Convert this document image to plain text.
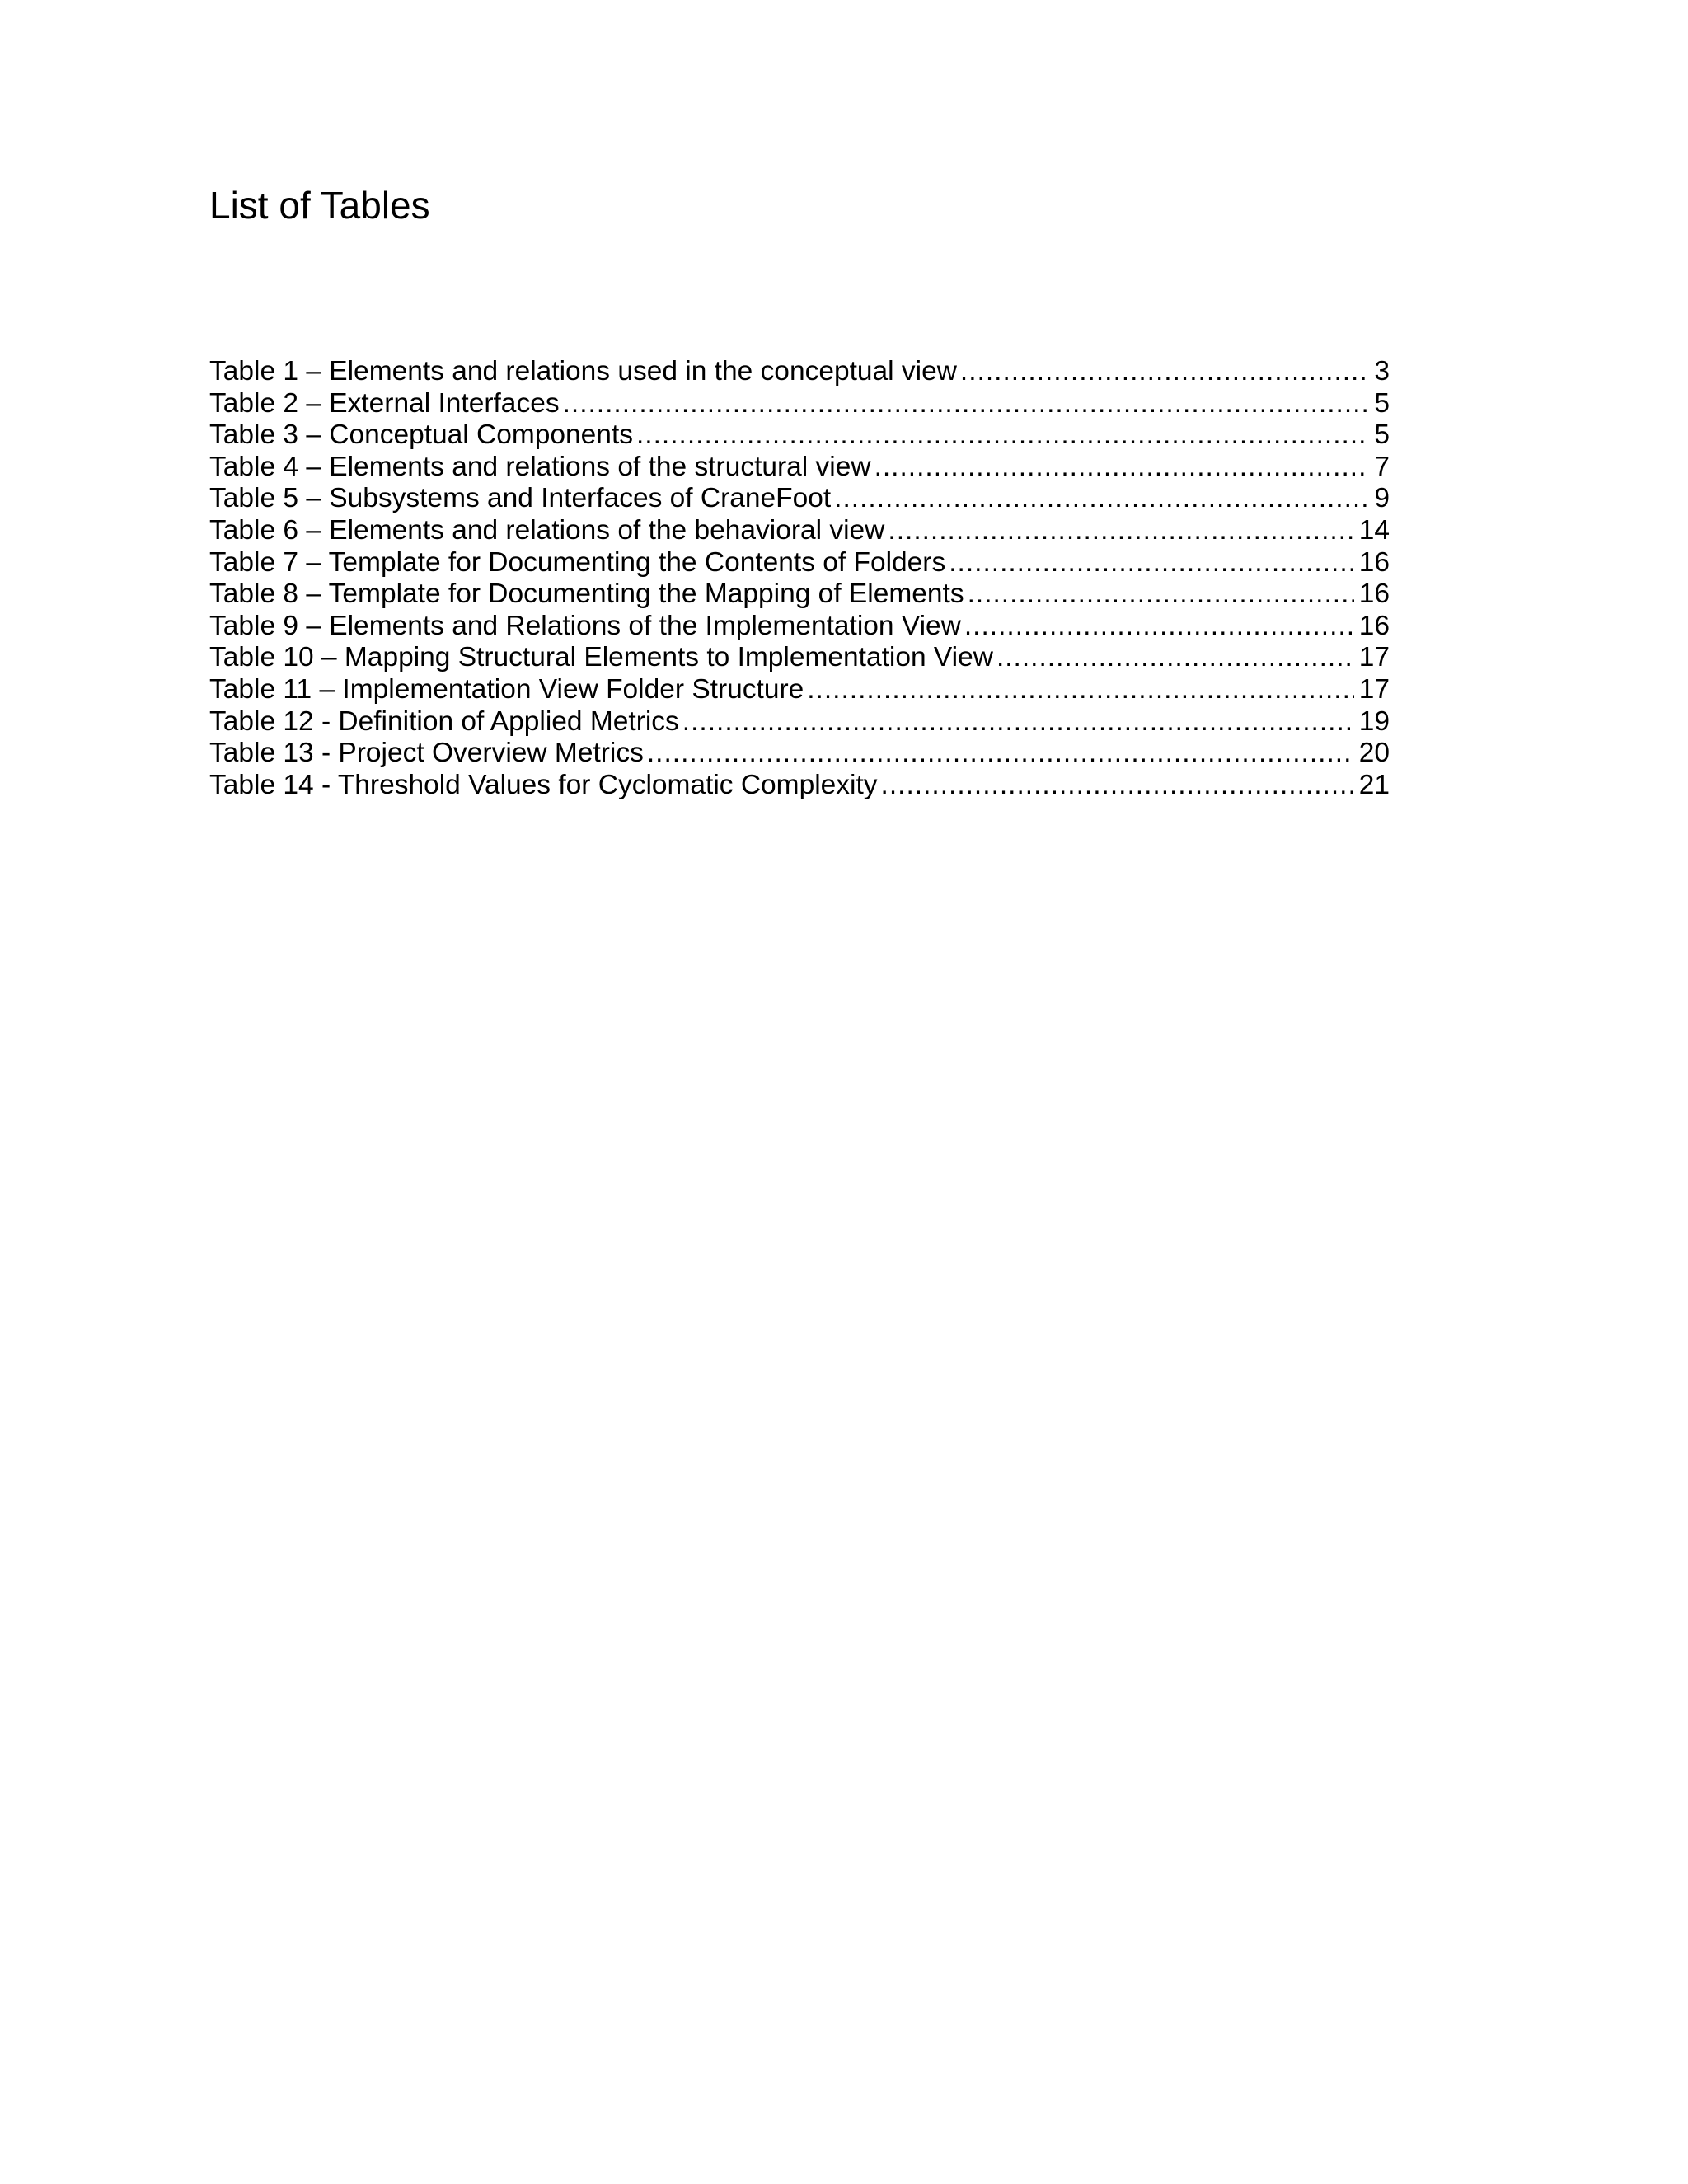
List of Tables
Table 1 – Elements and relations used in the conceptual view .....	3
Table 2 – External Interfaces .....	5
Table 3 – Conceptual Components .....	5
Table 4 – Elements and relations of the structural view .....	7
Table 5 – Subsystems and Interfaces of CraneFoot .....	9
Table 6 – Elements and relations of the behavioral view .....	14
Table 7 – Template for Documenting the Contents of Folders .....	16
Table 8 – Template for Documenting the Mapping of Elements .....	16
Table 9 – Elements and Relations of the Implementation View .....	16
Table 10 – Mapping Structural Elements to Implementation View .....	17
Table 11 – Implementation View Folder Structure .....	17
Table 12 - Definition of Applied Metrics .....	19
Table 13 - Project Overview Metrics .....	20
Table 14 - Threshold Values for Cyclomatic Complexity .....	21
